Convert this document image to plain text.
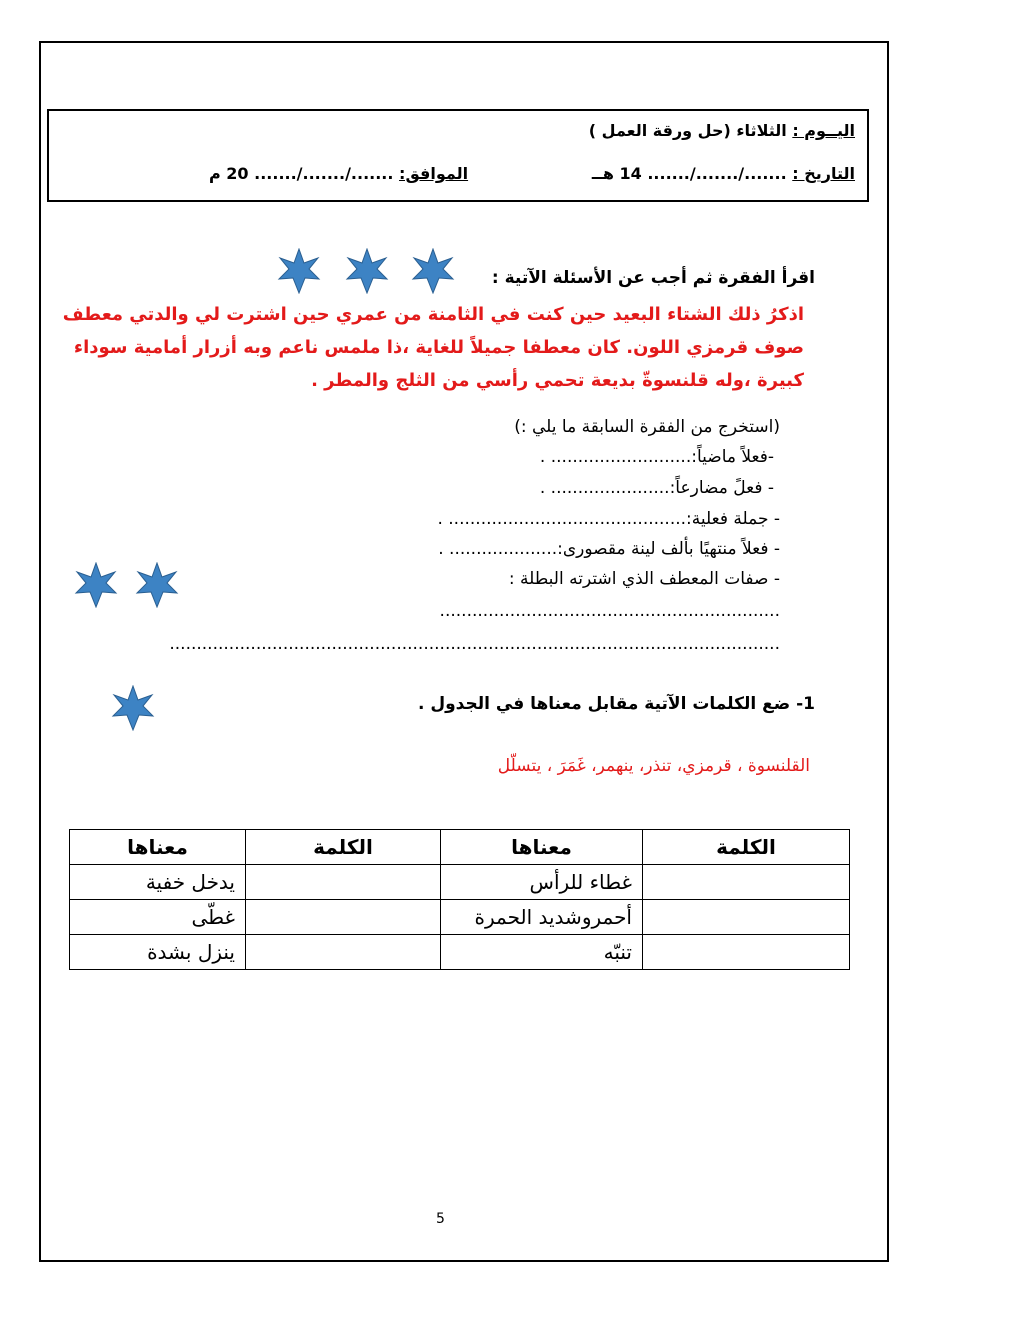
اليــوم : الثلاثاء (حل ورقة العمل )
التاريخ : ......./......./....... 14 هــ
الموافق: ......./......./....... 20 م
اقرأ الفقرة ثم أجب عن الأسئلة الآتية :
اذكرُ ذلك الشتاء البعيد حين كنت في الثامنة من عمري حين اشترت لي والدتي معطف
صوف قرمزي اللون. كان معطفا جميلاً للغاية ،ذا ملمس ناعم وبه أزرار أمامية سوداء
كبيرة ،وله قلنسوةّ بديعة تحمي رأسي من الثلج والمطر .
(استخرج من الفقرة السابقة ما يلي :)
-فعلاً ماضياً:.......................... .
- فعلً مضارعاً:...................... .
- جملة فعلية:............................................ .
- فعلاً منتهيًا بألف لينة مقصورى:.................... .
- صفات المعطف الذي اشترته البطلة :
...............................................................
.................................................................................................................
1- ضع الكلمات الآتية مقابل معناها في الجدول .
القلنسوة ، قرمزي، تنذر، ينهمر، غَمَرَ ، يتسلّل
الكلمة	معناها	الكلمة	معناها
	غطاء للرأس		يدخل خفية
	أحمروشديد الحمرة		غطّى
	تنبّه		ينزل بشدة
5
